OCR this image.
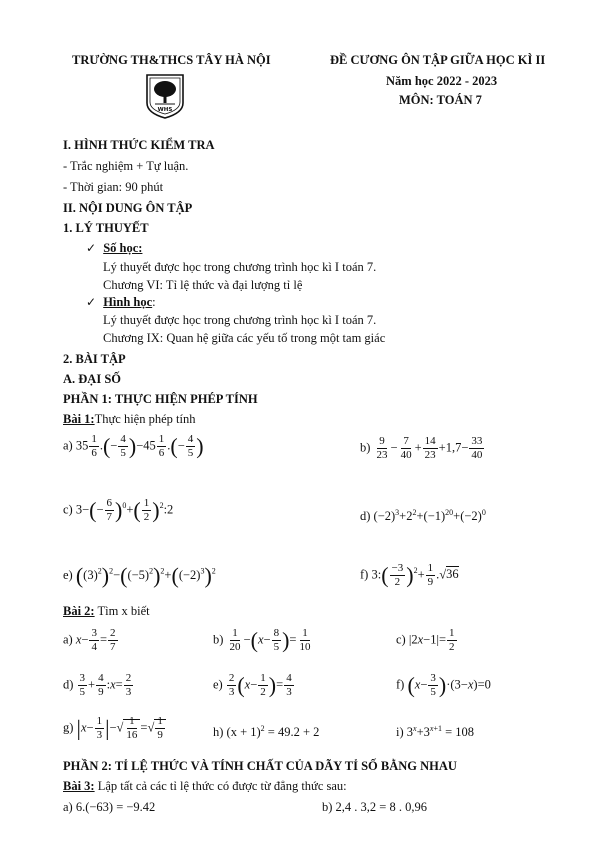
TRƯỜNG TH&THCS TÂY HÀ NỘI	ĐỀ CƯƠNG ÔN TẬP GIỮA HỌC KÌ II
Năm học 2022 - 2023
MÔN: TOÁN 7
WHS
I. HÌNH THỨC KIỂM TRA
- Trắc nghiệm + Tự luận.
- Thời gian: 90 phút
II. NỘI DUNG ÔN TẬP
1. LÝ THUYẾT
✓ Số học:
Lý thuyết được học trong chương trình học kì I toán 7.
Chương VI: Tỉ lệ thức và đại lượng tỉ lệ
✓ Hình học:
Lý thuyết được học trong chương trình học kì I toán 7.
Chương IX: Quan hệ giữa các yếu tố trong một tam giác
2. BÀI TẬP
A. ĐẠI SỐ
PHẦN 1: THỰC HIỆN PHÉP TÍNH
Bài 1:Thực hiện phép tính
a) $35 \frac{1}{6}$ .(− $\frac{4}{5} )-45 \frac{1}{6}$ .(− $\frac{4}{5}$ )	$b) \frac{9}{23} - \frac{7}{40} + \frac{14}{23} +1,7- \frac{33}{40}$
c) $3-(- \frac{6}{7} )^0+( \frac{1}{2}$ )$^2:2$	d) $(-2)^3+2^2+(-1)^{20}+(-2)^0$
e) $((3)^2)^2-((-5)^2)^2+((-2)^3)^2$	f) 3:( $\frac{-3}{2} )^2+ \frac{1}{9} .√36$
Bài 2: Tìm x biết
a) $x- \frac{3}{4} = \frac{2}{7}$	$b) \frac{1}{20} -(x- \frac{8}{5}$ )= $\frac{1}{10}$	c) $|2x-1|= \frac{1}{2}$
$d) \frac{3}{5} + \frac{4}{9}$ :x= $\frac{2}{3}$	$e) \frac{2}{3} (x- \frac{1}{2}$ )= $\frac{4}{3}$	f) $(x- \frac{3}{5} )\cdot(3-x)=0$
g) $|x- \frac{1}{3}$ |−√ $\frac{1}{16}$ =√ $\frac{1}{9}$	h) $(x + 1)^2 = 49.2 + 2$	i) $3^x+3^{x+1} = 108$
PHẦN 2: TỈ LỆ THỨC VÀ TÍNH CHẤT CỦA DÃY TỈ SỐ BẰNG NHAU
Bài 3: Lập tất cả các tỉ lệ thức có được từ đẳng thức sau:
a) 6.(−63) = −9.42	b) 2,4 . 3,2 = 8 . 0,96
